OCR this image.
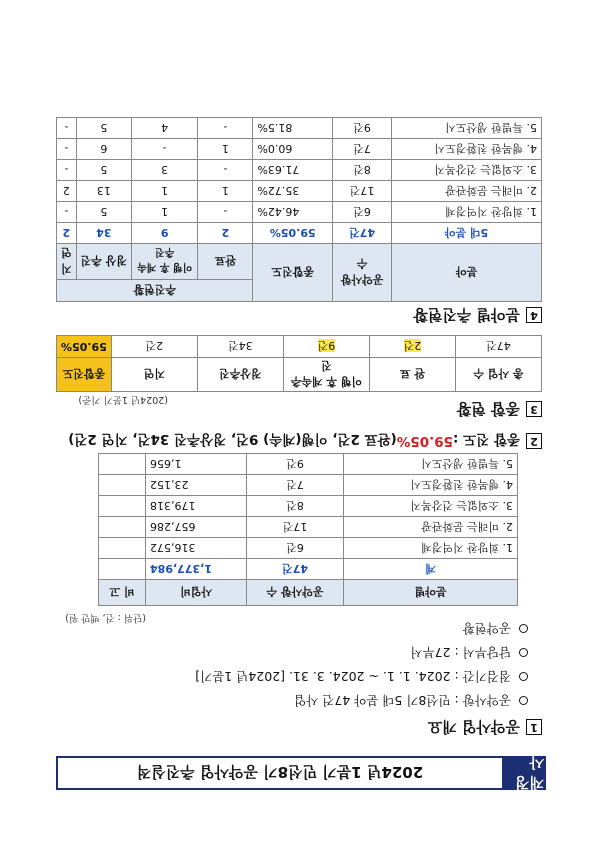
재정사
2024년 1분기 민선8기 공약사업 추진실적
1
공약사업 개요
공약사항 : 민선8기 5대 분야 47건 사업
점검기간 : 2024. 1. 1. ~ 2024. 3. 31. [2024년 1분기]
담당부서 : 27부서
공약현황
(단위 : 건, 백만 원)
분야별	공약사항 수	사업비	비 고
계	47건	1,377,984	
1. 희망찬 지역경제	6건	316,572	
2. 미래는 문화관광	17건	657,286	
3. 소외없는 건강복지	8건	179,318	
4. 행복한 친환경도시	7건	23,152	
5. 특별한 생산도시	9건	1,656	
2
종합 진도 :
59.05%
(완료 2건
, 이행(계속) 9건, 정상추진 34건, 지연 2건)
3
종합 현황
(2024년 1분기 기준)
총 사업 수	완 료	이행 후 계속추진	정상추진	지연	종합진도
47건	2건	9건	34건	2건	59.05%
4
분야별 추진현황
분야	공약사항 수	종합진도	추진현황			
			완료	이행 후 계속추진	정상 추진	지연
5대 분야	47건	59.05%	2	9	34	2
1. 희망찬 지역경제	6건	46.42%	-	1	5	-
2. 미래는 문화관광	17건	35.72%	1	1	13	2
3. 소외없는 건강복지	8건	71.63%	-	3	5	-
4. 행복한 친환경도시	7건	60.0%	1	-	6	-
5. 특별한 생산도시	9건	81.5%	-	4	5	-
